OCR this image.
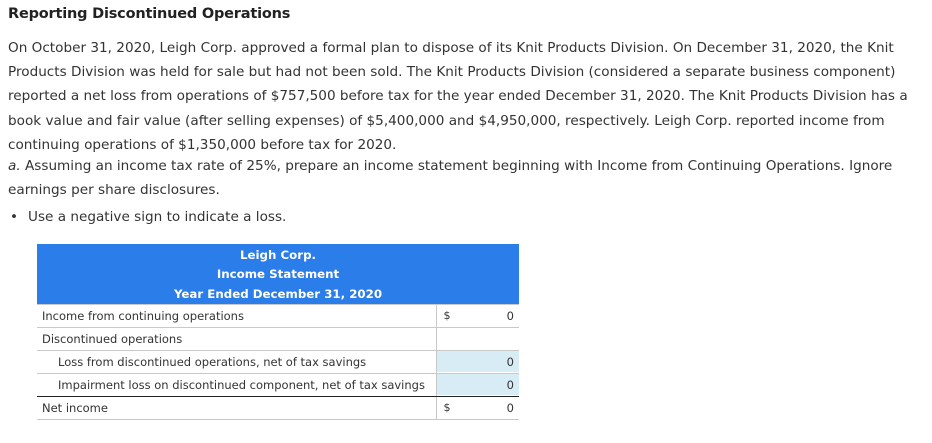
Reporting Discontinued Operations
On October 31, 2020, Leigh Corp. approved a formal plan to dispose of its Knit Products Division. On December 31, 2020, the Knit Products Division was held for sale but had not been sold. The Knit Products Division (considered a separate business component) reported a net loss from operations of $757,500 before tax for the year ended December 31, 2020. The Knit Products Division has a book value and fair value (after selling expenses) of $5,400,000 and $4,950,000, respectively. Leigh Corp. reported income from continuing operations of $1,350,000 before tax for 2020.
a. Assuming an income tax rate of 25%, prepare an income statement beginning with Income from Continuing Operations. Ignore earnings per share disclosures.
• Use a negative sign to indicate a loss.
Leigh Corp.
Income Statement
Year Ended December 31, 2020
Income from continuing operations	$	0
Discontinued operations
Loss from discontinued operations, net of tax savings	0
Impairment loss on discontinued component, net of tax savings	0
Net income	$	0
